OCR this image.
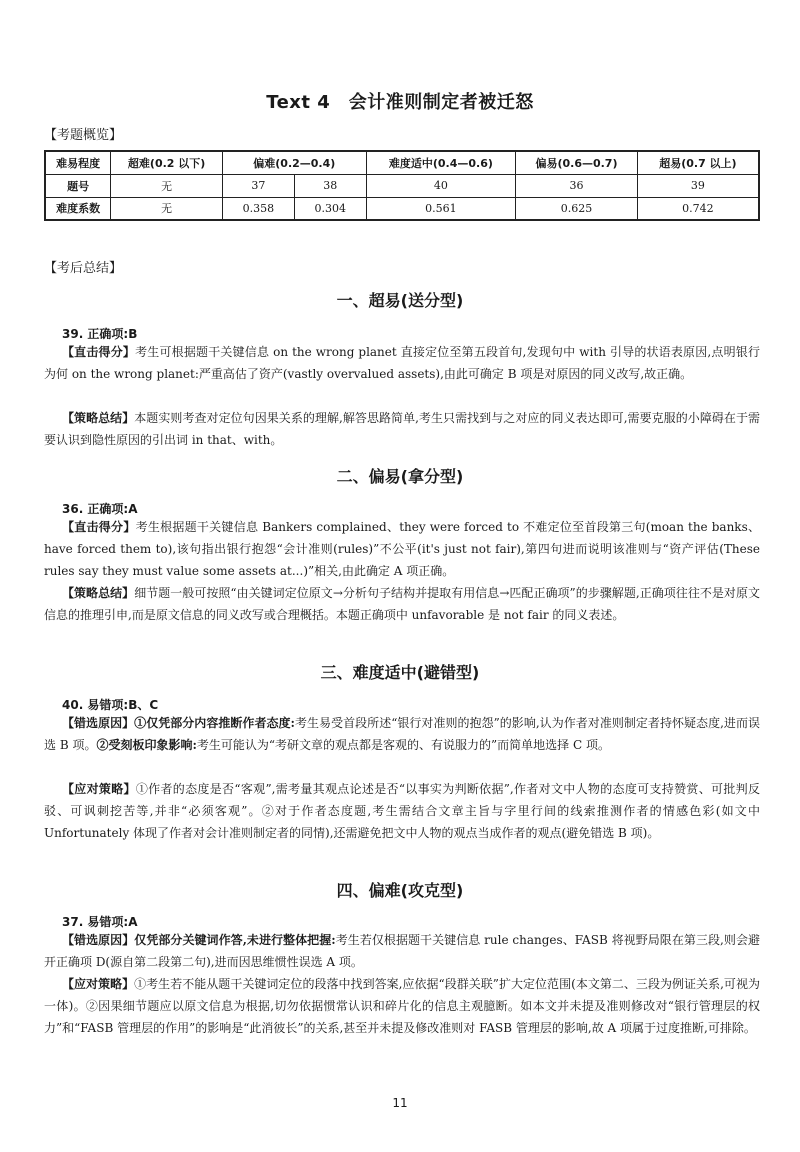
Text 4　会计准则制定者被迁怒
【考题概览】
难易程度	超难(0.2 以下)	偏难(0.2—0.4)		难度适中(0.4—0.6)	偏易(0.6—0.7)	超易(0.7 以上)
题号	无	37	38	40	36	39
难度系数	无	0.358	0.304	0.561	0.625	0.742
【考后总结】
一、超易(送分型)
39. 正确项:B

【直击得分】考生可根据题干关键信息 on the wrong planet 直接定位至第五段首句,发现句中 with 引导的状语表原因,点明银行为何 on the wrong planet:严重高估了资产(vastly overvalued assets),由此可确定 B 项是对原因的同义改写,故正确。

【策略总结】本题实则考查对定位句因果关系的理解,解答思路简单,考生只需找到与之对应的同义表达即可,需要克服的小障碍在于需要认识到隐性原因的引出词 in that、with。

二、偏易(拿分型)
36. 正确项:A

【直击得分】考生根据题干关键信息 Bankers complained、they were forced to 不难定位至首段第三句(moan the banks、have forced them to),该句指出银行抱怨“会计准则(rules)”不公平(it's just not fair),第四句进而说明该准则与“资产评估(These rules say they must value some assets at...)”相关,由此确定 A 项正确。

【策略总结】细节题一般可按照“由关键词定位原文→分析句子结构并提取有用信息→匹配正确项”的步骤解题,正确项往往不是对原文信息的推理引申,而是原文信息的同义改写或合理概括。本题正确项中 unfavorable 是 not fair 的同义表述。

三、难度适中(避错型)
40. 易错项:B、C

【错选原因】①仅凭部分内容推断作者态度:考生易受首段所述“银行对准则的抱怨”的影响,认为作者对准则制定者持怀疑态度,进而误选 B 项。②受刻板印象影响:考生可能认为“考研文章的观点都是客观的、有说服力的”而简单地选择 C 项。

【应对策略】①作者的态度是否“客观”,需考量其观点论述是否“以事实为判断依据”,作者对文中人物的态度可支持赞赏、可批判反驳、可讽刺挖苦等,并非“必须客观”。②对于作者态度题,考生需结合文章主旨与字里行间的线索推测作者的情感色彩(如文中 Unfortunately 体现了作者对会计准则制定者的同情),还需避免把文中人物的观点当成作者的观点(避免错选 B 项)。

四、偏难(攻克型)
37. 易错项:A

【错选原因】仅凭部分关键词作答,未进行整体把握:考生若仅根据题干关键信息 rule changes、FASB 将视野局限在第三段,则会避开正确项 D(源自第二段第二句),进而因思维惯性误选 A 项。

【应对策略】①考生若不能从题干关键词定位的段落中找到答案,应依据“段群关联”扩大定位范围(本文第二、三段为例证关系,可视为一体)。②因果细节题应以原文信息为根据,切勿依据惯常认识和碎片化的信息主观臆断。如本文并未提及准则修改对“银行管理层的权力”和“FASB 管理层的作用”的影响是“此消彼长”的关系,甚至并未提及修改准则对 FASB 管理层的影响,故 A 项属于过度推断,可排除。

11
